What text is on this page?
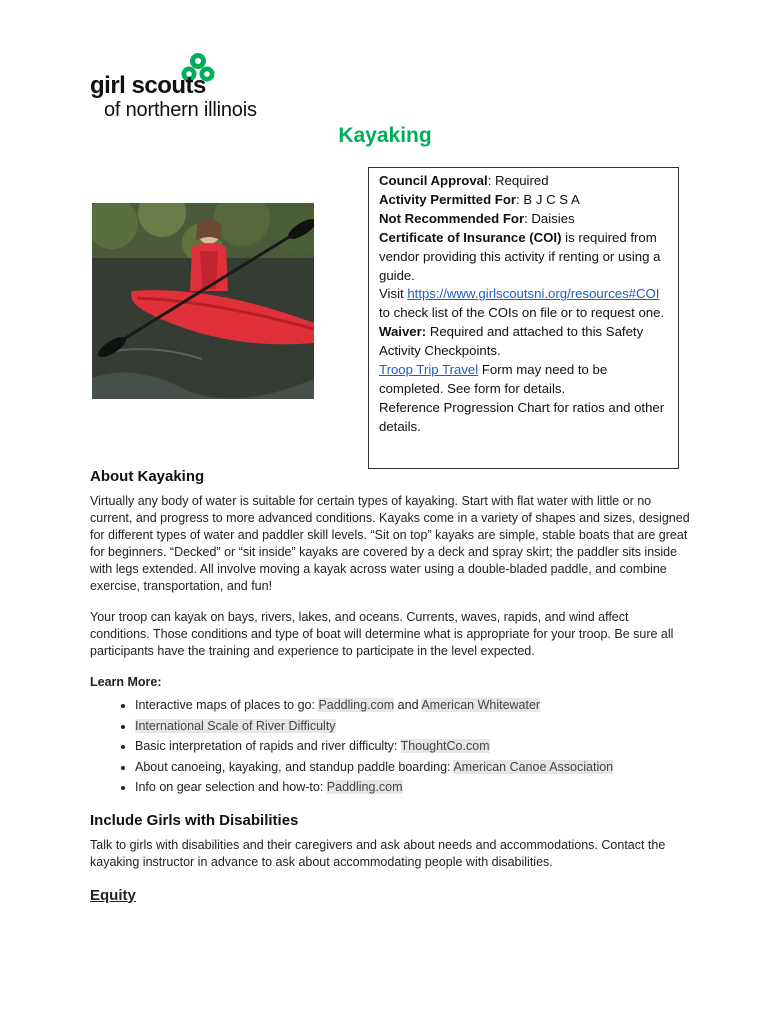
girl scouts
of northern illinois
Kayaking

Council Approval: Required

Activity Permitted For: B J C S A

Not Recommended For: Daisies

Certificate of Insurance (COI) is required from vendor providing this activity if renting or using a guide.

Visit https://www.girlscoutsni.org/resources#COI to check list of the COIs on file or to request one.

Waiver: Required and attached to this Safety Activity Checkpoints.

Troop Trip Travel Form may need to be completed. See form for details.

Reference Progression Chart for ratios and other details.

About Kayaking

Virtually any body of water is suitable for certain types of kayaking. Start with flat water with little or no current, and progress to more advanced conditions. Kayaks come in a variety of shapes and sizes, designed for different types of water and paddler skill levels. “Sit on top” kayaks are simple, stable boats that are great for beginners. “Decked” or “sit inside” kayaks are covered by a deck and spray skirt; the paddler sits inside with legs extended. All involve moving a kayak across water using a double-bladed paddle, and combine exercise, transportation, and fun!

Your troop can kayak on bays, rivers, lakes, and oceans. Currents, waves, rapids, and wind affect conditions. Those conditions and type of boat will determine what is appropriate for your troop. Be sure all participants have the training and experience to participate in the level expected.

Learn More:
• Interactive maps of places to go: Paddling.com and American Whitewater
• International Scale of River Difficulty
• Basic interpretation of rapids and river difficulty: ThoughtCo.com
• About canoeing, kayaking, and standup paddle boarding: American Canoe Association
• Info on gear selection and how-to: Paddling.com
Include Girls with Disabilities

Talk to girls with disabilities and their caregivers and ask about needs and accommodations. Contact the kayaking instructor in advance to ask about accommodating people with disabilities.

Equity
